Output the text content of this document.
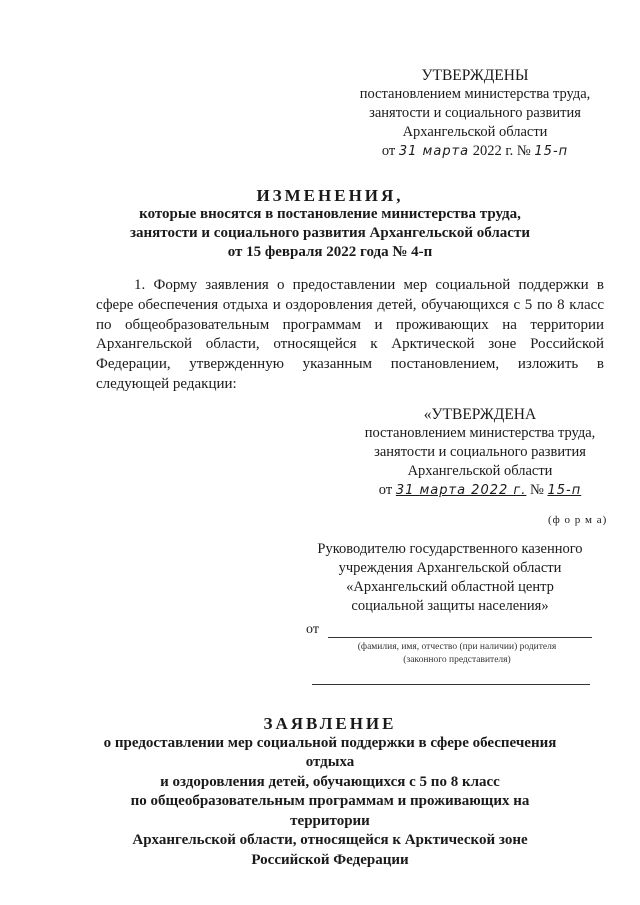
УТВЕРЖДЕНЫ
постановлением министерства труда,
занятости и социального развития
Архангельской области
от 31 марта 2022 г. № 15-п
ИЗМЕНЕНИЯ,
которые вносятся в постановление министерства труда,
занятости и социального развития Архангельской области
от 15 февраля 2022 года № 4-п

1. Форму заявления о предоставлении мер социальной поддержки в сфере обеспечения отдыха и оздоровления детей, обучающихся с 5 по 8 класс по общеобразовательным программам и проживающих на территории Архангельской области, относящейся к Арктической зоне Российской Федерации, утвержденную указанным постановлением, изложить в следующей редакции:

«УТВЕРЖДЕНА
постановлением министерства труда,
занятости и социального развития
Архангельской области
от 31 марта 2022 г. № 15-п
(ф о р м а)
Руководителю государственного казенного
учреждения Архангельской области
«Архангельский областной центр
социальной защиты населения»
от
(фамилия, имя, отчество (при наличии) родителя
(законного представителя)
ЗАЯВЛЕНИЕ
о предоставлении мер социальной поддержки в сфере обеспечения отдыха
и оздоровления детей, обучающихся с 5 по 8 класс
по общеобразовательным программам и проживающих на территории
Архангельской области, относящейся к Арктической зоне
Российской Федерации
